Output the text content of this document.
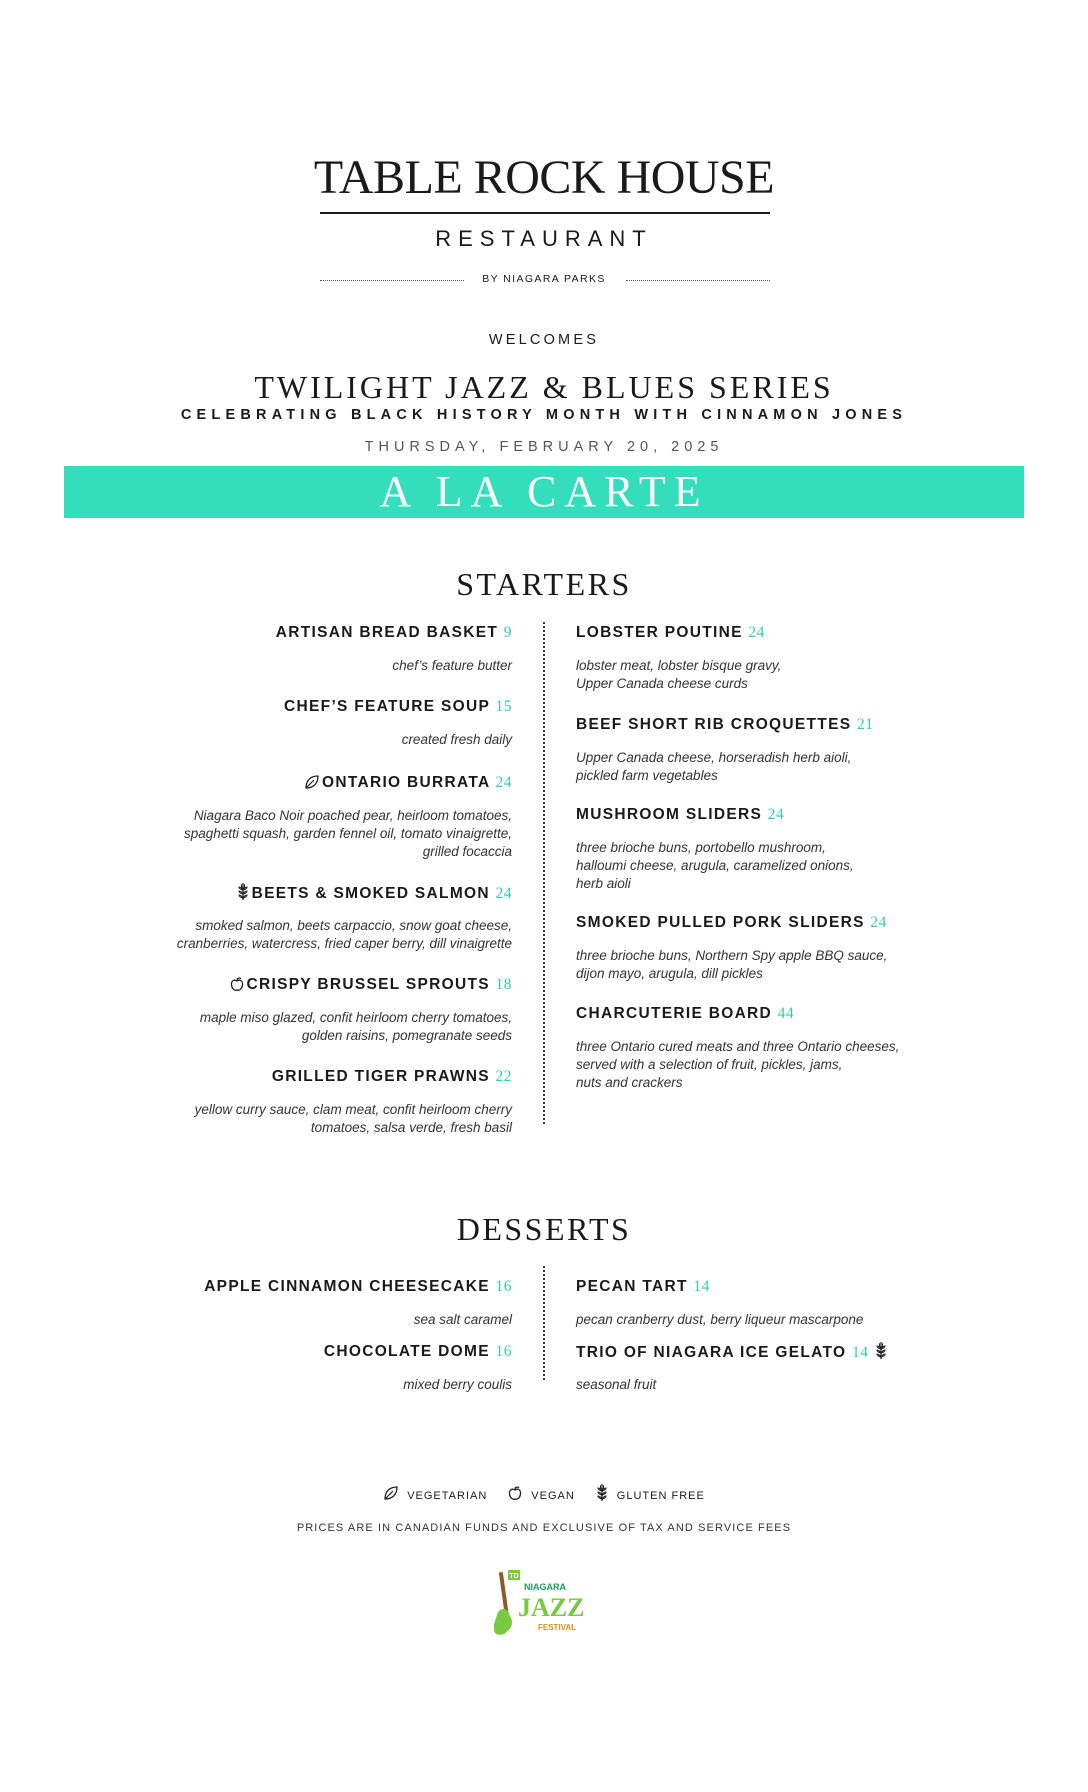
TABLE ROCK HOUSE
RESTAURANT
BY NIAGARA PARKS
WELCOMES
TWILIGHT JAZZ & BLUES SERIES
CELEBRATING BLACK HISTORY MONTH WITH CINNAMON JONES
THURSDAY, FEBRUARY 20, 2025
A LA CARTE
STARTERS
ARTISAN BREAD BASKET 9
chef’s feature butter
CHEF’S FEATURE SOUP 15
created fresh daily
ONTARIO BURRATA 24
Niagara Baco Noir poached pear, heirloom tomatoes,
spaghetti squash, garden fennel oil, tomato vinaigrette,
grilled focaccia
BEETS & SMOKED SALMON 24
smoked salmon, beets carpaccio, snow goat cheese,
cranberries, watercress, fried caper berry, dill vinaigrette
CRISPY BRUSSEL SPROUTS 18
maple miso glazed, confit heirloom cherry tomatoes,
golden raisins, pomegranate seeds
GRILLED TIGER PRAWNS 22
yellow curry sauce, clam meat, confit heirloom cherry
tomatoes, salsa verde, fresh basil
LOBSTER POUTINE 24
lobster meat, lobster bisque gravy,
Upper Canada cheese curds
BEEF SHORT RIB CROQUETTES 21
Upper Canada cheese, horseradish herb aioli,
pickled farm vegetables
MUSHROOM SLIDERS 24
three brioche buns, portobello mushroom,
halloumi cheese, arugula, caramelized onions,
herb aioli
SMOKED PULLED PORK SLIDERS 24
three brioche buns, Northern Spy apple BBQ sauce,
dijon mayo, arugula, dill pickles
CHARCUTERIE BOARD 44
three Ontario cured meats and three Ontario cheeses,
served with a selection of fruit, pickles, jams,
nuts and crackers
DESSERTS
APPLE CINNAMON CHEESECAKE 16
sea salt caramel
CHOCOLATE DOME 16
mixed berry coulis
PECAN TART 14
pecan cranberry dust, berry liqueur mascarpone
TRIO OF NIAGARA ICE GELATO 14
seasonal fruit
VEGETARIAN	VEGAN	GLUTEN FREE
PRICES ARE IN CANADIAN FUNDS AND EXCLUSIVE OF TAX AND SERVICE FEES
TD
NIAGARA
JAZZ
FESTIVAL
